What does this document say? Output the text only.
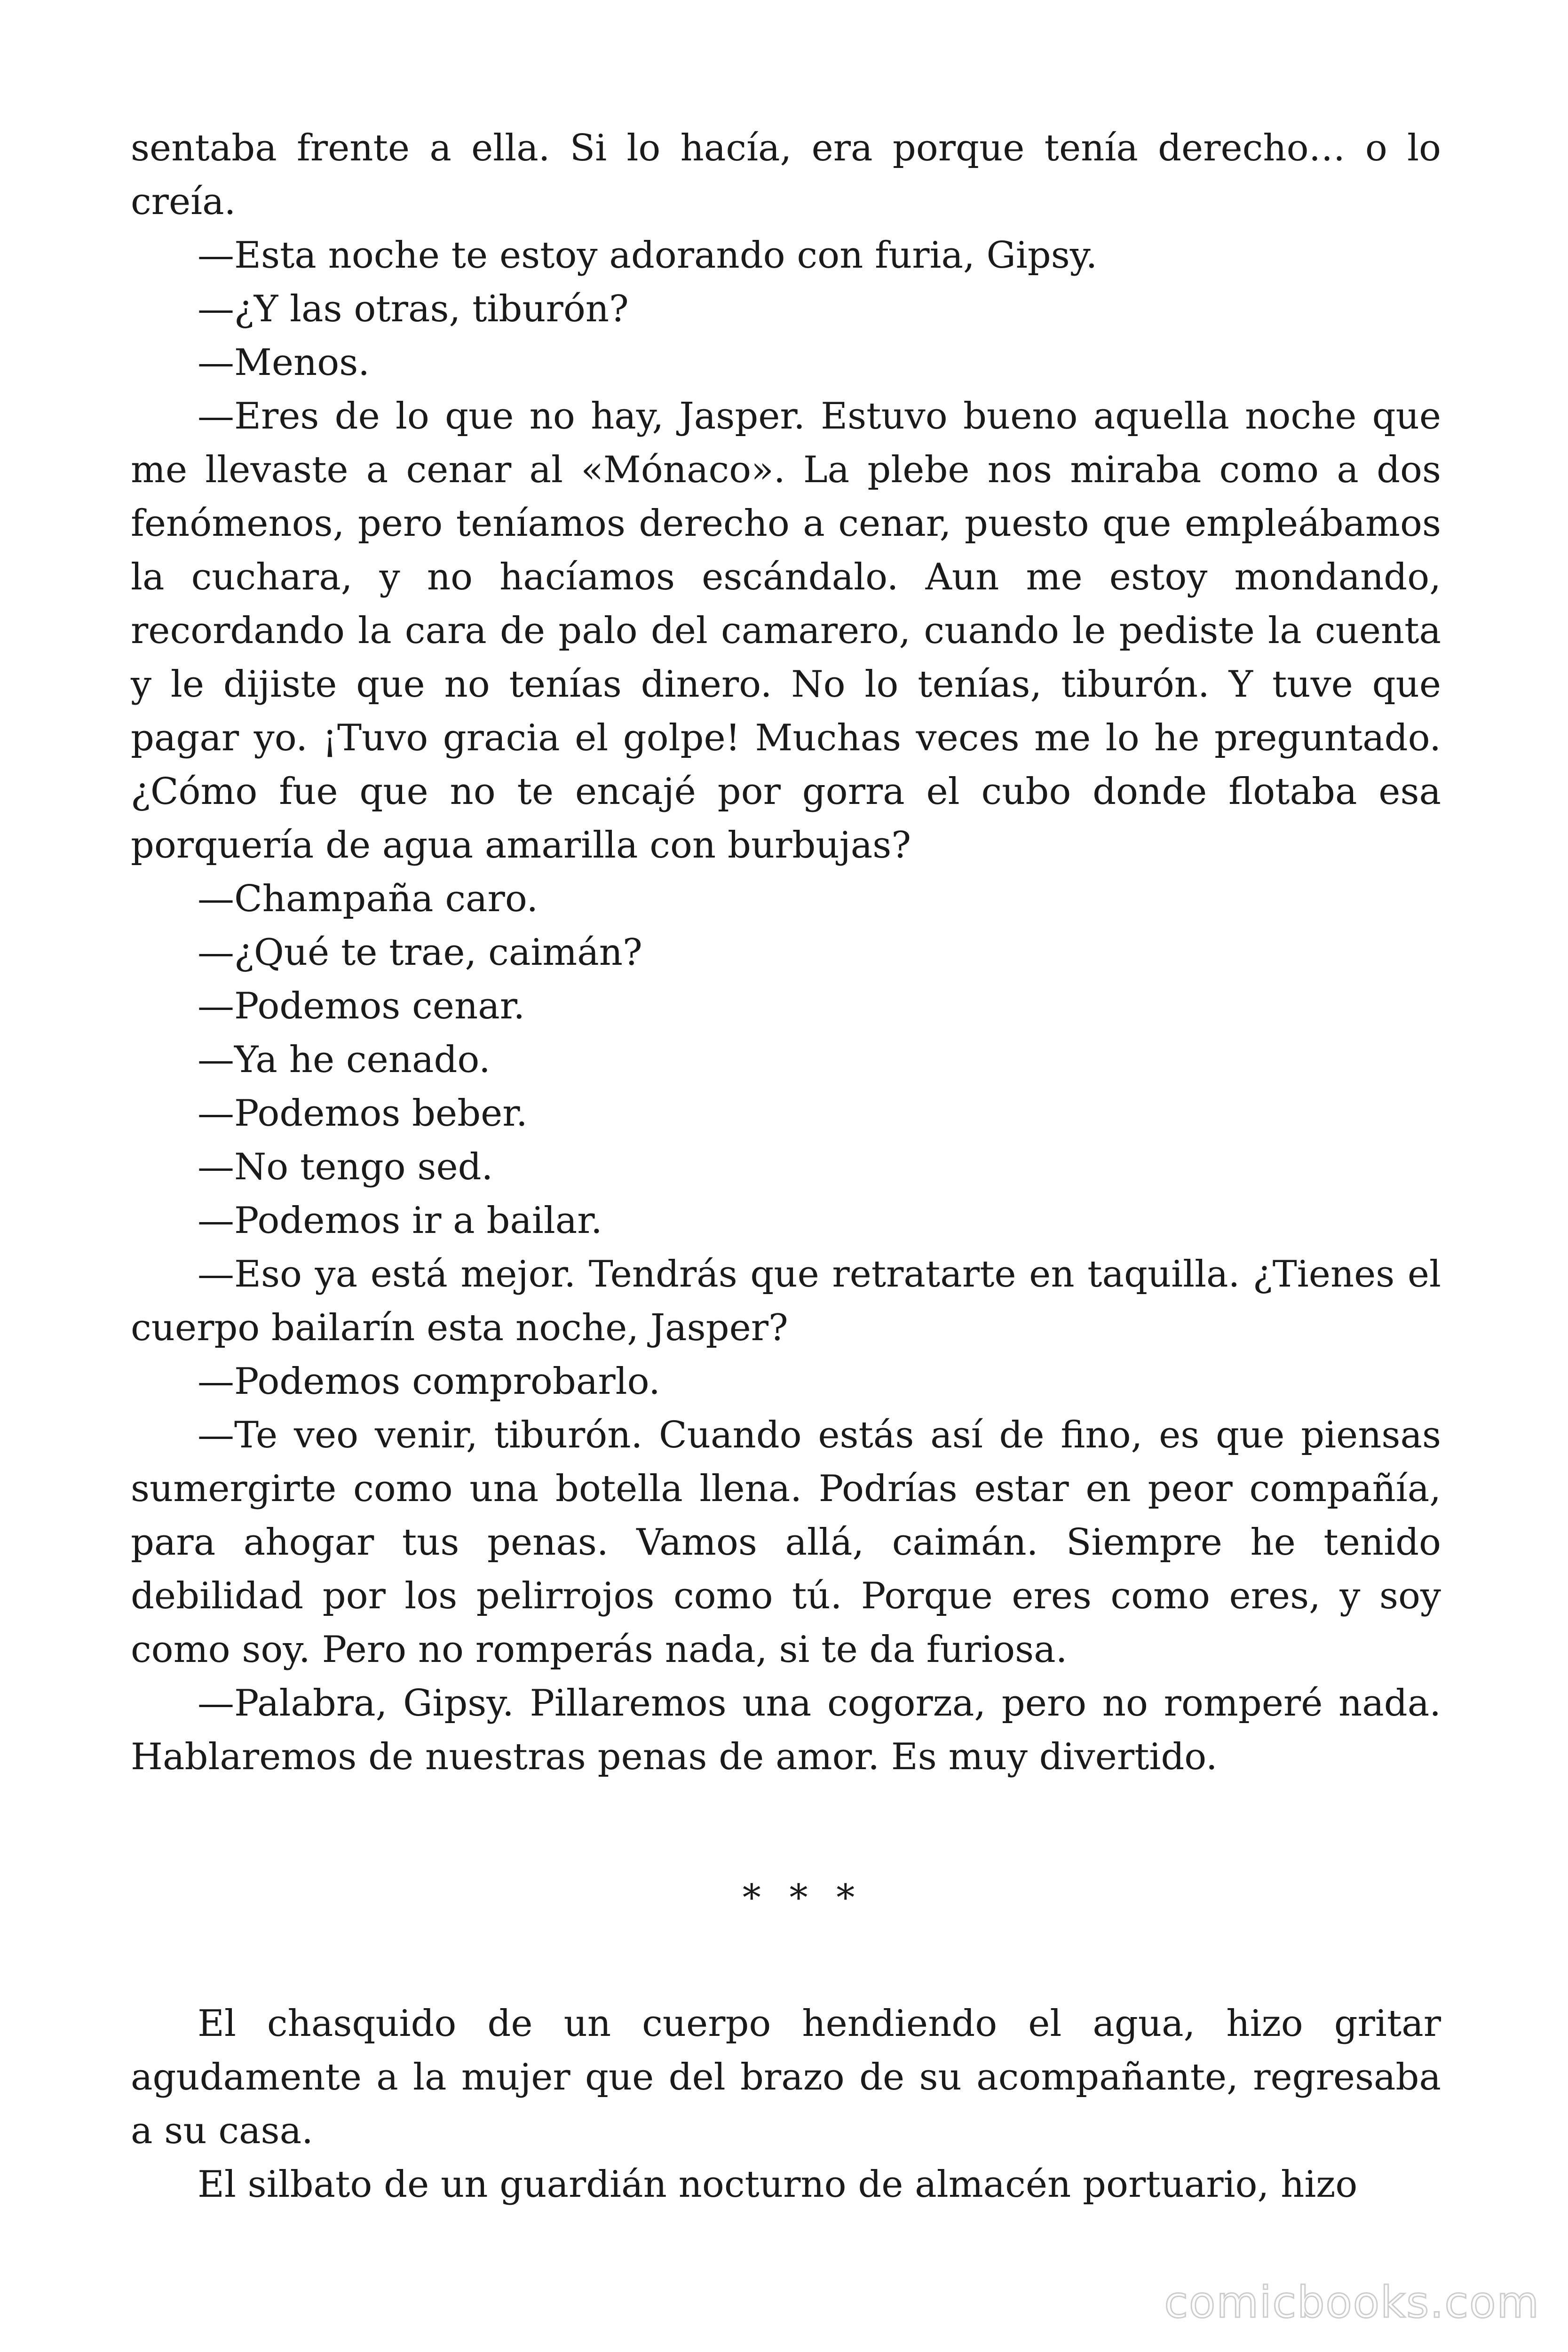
sentaba frente a ella. Si lo hacía, era porque tenía derecho… o lo creía.

—Esta noche te estoy adorando con furia, Gipsy.

—¿Y las otras, tiburón?

—Menos.

—Eres de lo que no hay, Jasper. Estuvo bueno aquella noche que me llevaste a cenar al «Mónaco». La plebe nos miraba como a dos fenómenos, pero teníamos derecho a cenar, puesto que empleábamos la cuchara, y no hacíamos escándalo. Aun me estoy mondando, recordando la cara de palo del camarero, cuando le pediste la cuenta y le dijiste que no tenías dinero. No lo tenías, tiburón. Y tuve que pagar yo. ¡Tuvo gracia el golpe! Muchas veces me lo he preguntado. ¿Cómo fue que no te encajé por gorra el cubo donde flotaba esa porquería de agua amarilla con burbujas?

—Champaña caro.

—¿Qué te trae, caimán?

—Podemos cenar.

—Ya he cenado.

—Podemos beber.

—No tengo sed.

—Podemos ir a bailar.

—Eso ya está mejor. Tendrás que retratarte en taquilla. ¿Tienes el cuerpo bailarín esta noche, Jasper?

—Podemos comprobarlo.

—Te veo venir, tiburón. Cuando estás así de fino, es que piensas sumergirte como una botella llena. Podrías estar en peor compañía, para ahogar tus penas. Vamos allá, caimán. Siempre he tenido debilidad por los pelirrojos como tú. Porque eres como eres, y soy como soy. Pero no romperás nada, si te da furiosa.

—Palabra, Gipsy. Pillaremos una cogorza, pero no romperé nada. Hablaremos de nuestras penas de amor. Es muy divertido.

* * *

El chasquido de un cuerpo hendiendo el agua, hizo gritar agudamente a la mujer que del brazo de su acompañante, regresaba a su casa.

El silbato de un guardián nocturno de almacén portuario, hizo

comicbooks.com
